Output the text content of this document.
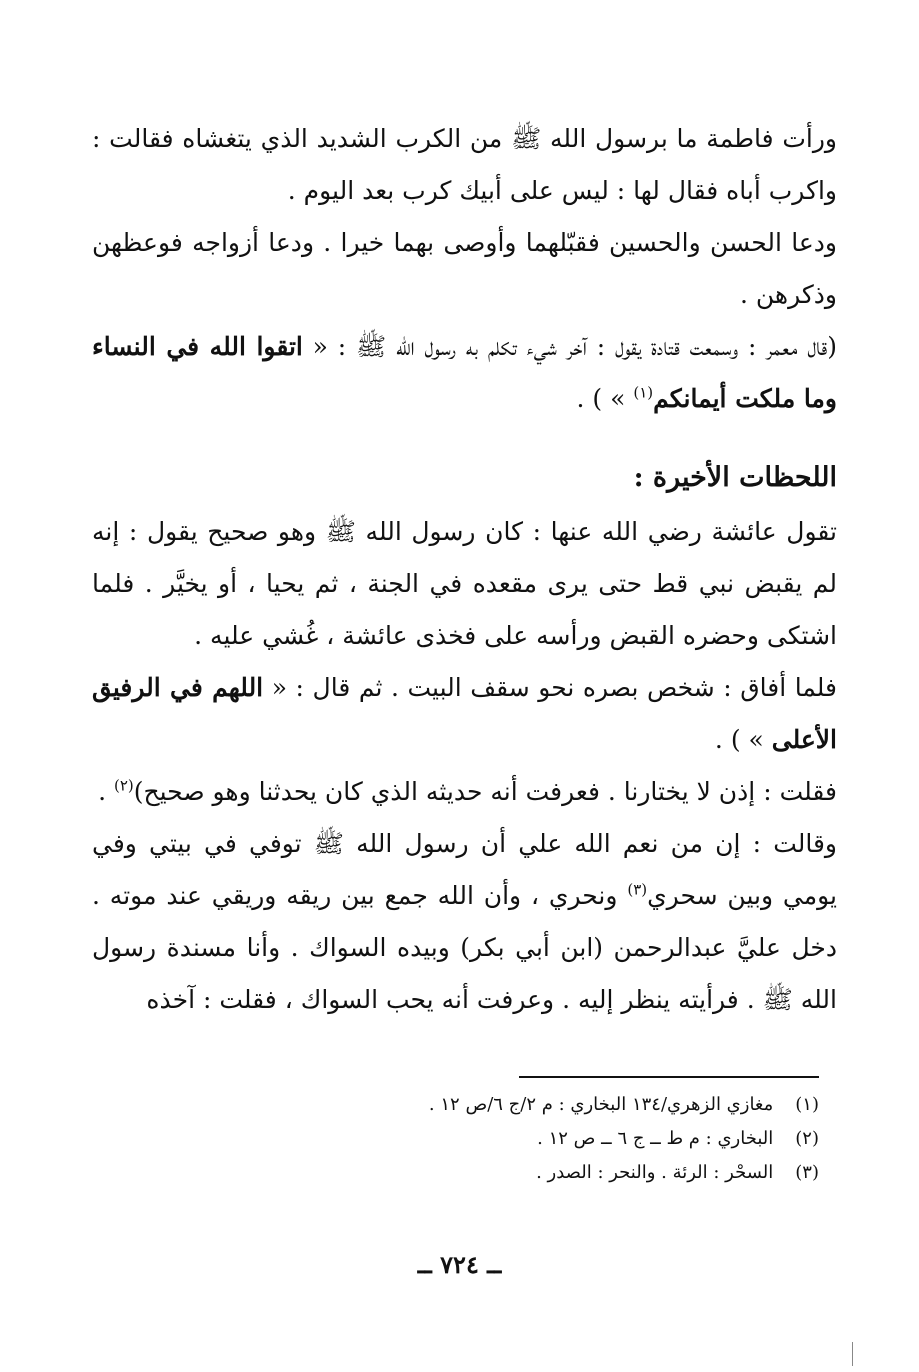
ورأت فاطمة ما برسول الله ﷺ من الكرب الشديد الذي يتغشاه فقالت : واكرب أباه فقال لها : ليس على أبيك كرب بعد اليوم .

ودعا الحسن والحسين فقبّلهما وأوصى بهما خيرا . ودعا أزواجه فوعظهن وذكرهن .

(قال معمر : وسمعت قتادة يقول : آخر شيء تكلم به رسول الله ﷺ : « اتقوا الله في النساء وما ملكت أيمانكم$^{(١)}$ » ) .

اللحظات الأخيرة :

تقول عائشة رضي الله عنها : كان رسول الله ﷺ وهو صحيح يقول : إنه لم يقبض نبي قط حتى يرى مقعده في الجنة ، ثم يحيا ، أو يخيَّر . فلما اشتكى وحضره القبض ورأسه على فخذى عائشة ، غُشي عليه .

فلما أفاق : شخص بصره نحو سقف البيت . ثم قال : « اللهم في الرفيق الأعلى » ) .

فقلت : إذن لا يختارنا . فعرفت أنه حديثه الذي كان يحدثنا وهو صحيح)$^{(٢)}$ .

وقالت : إن من نعم الله علي أن رسول الله ﷺ توفي في بيتي وفي يومي وبين سحري$^{(٣)}$ ونحري ، وأن الله جمع بين ريقه وريقي عند موته . دخل عليَّ عبدالرحمن (ابن أبي بكر) وبيده السواك . وأنا مسندة رسول الله ﷺ . فرأيته ينظر إليه . وعرفت أنه يحب السواك ، فقلت : آخذه

(١) مغازي الزهري/١٣٤ البخاري : م ٢/ج ٦/ص ١٢ .

(٢) البخاري : م ط ــ ج ٦ ــ ص ١٢ .

(٣) السحْر : الرئة . والنحر : الصدر .

ــ ٧٢٤ ــ
